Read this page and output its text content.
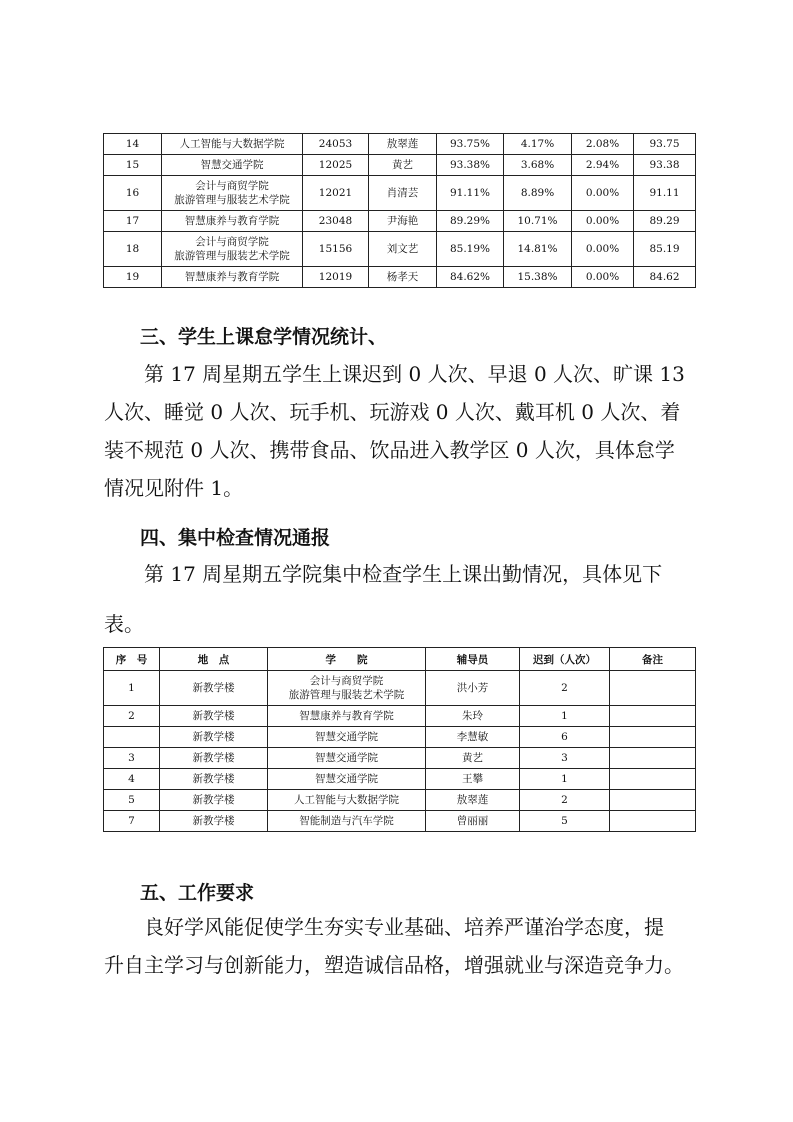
14	人工智能与大数据学院	24053	敖翠莲	93.75%	4.17%	2.08%	93.75
15	智慧交通学院	12025	黄艺	93.38%	3.68%	2.94%	93.38
16	会计与商贸学院
旅游管理与服装艺术学院	12021	肖清芸	91.11%	8.89%	0.00%	91.11
17	智慧康养与教育学院	23048	尹海艳	89.29%	10.71%	0.00%	89.29
18	会计与商贸学院
旅游管理与服装艺术学院	15156	刘文艺	85.19%	14.81%	0.00%	85.19
19	智慧康养与教育学院	12019	杨孝天	84.62%	15.38%	0.00%	84.62
三、学生上课怠学情况统计、
第 17 周星期五学生上课迟到 0 人次、早退 0 人次、旷课 13
人次、睡觉 0 人次、玩手机、玩游戏 0 人次、戴耳机 0 人次、着
装不规范 0 人次、携带食品、饮品进入教学区 0 人次，具体怠学
情况见附件 1。
四、集中检查情况通报
第 17 周星期五学院集中检查学生上课出勤情况，具体见下
表。
序　号	地　点	学　　院	辅导员	迟到（人次）	备注
1	新教学楼	会计与商贸学院
旅游管理与服装艺术学院	洪小芳	2	
2	新教学楼	智慧康养与教育学院	朱玲	1	
	新教学楼	智慧交通学院	李慧敏	6	
3	新教学楼	智慧交通学院	黄艺	3	
4	新教学楼	智慧交通学院	王攀	1	
5	新教学楼	人工智能与大数据学院	敖翠莲	2	
7	新教学楼	智能制造与汽车学院	曾丽丽	5	
五、工作要求
良好学风能促使学生夯实专业基础、培养严谨治学态度，提
升自主学习与创新能力，塑造诚信品格，增强就业与深造竞争力。
